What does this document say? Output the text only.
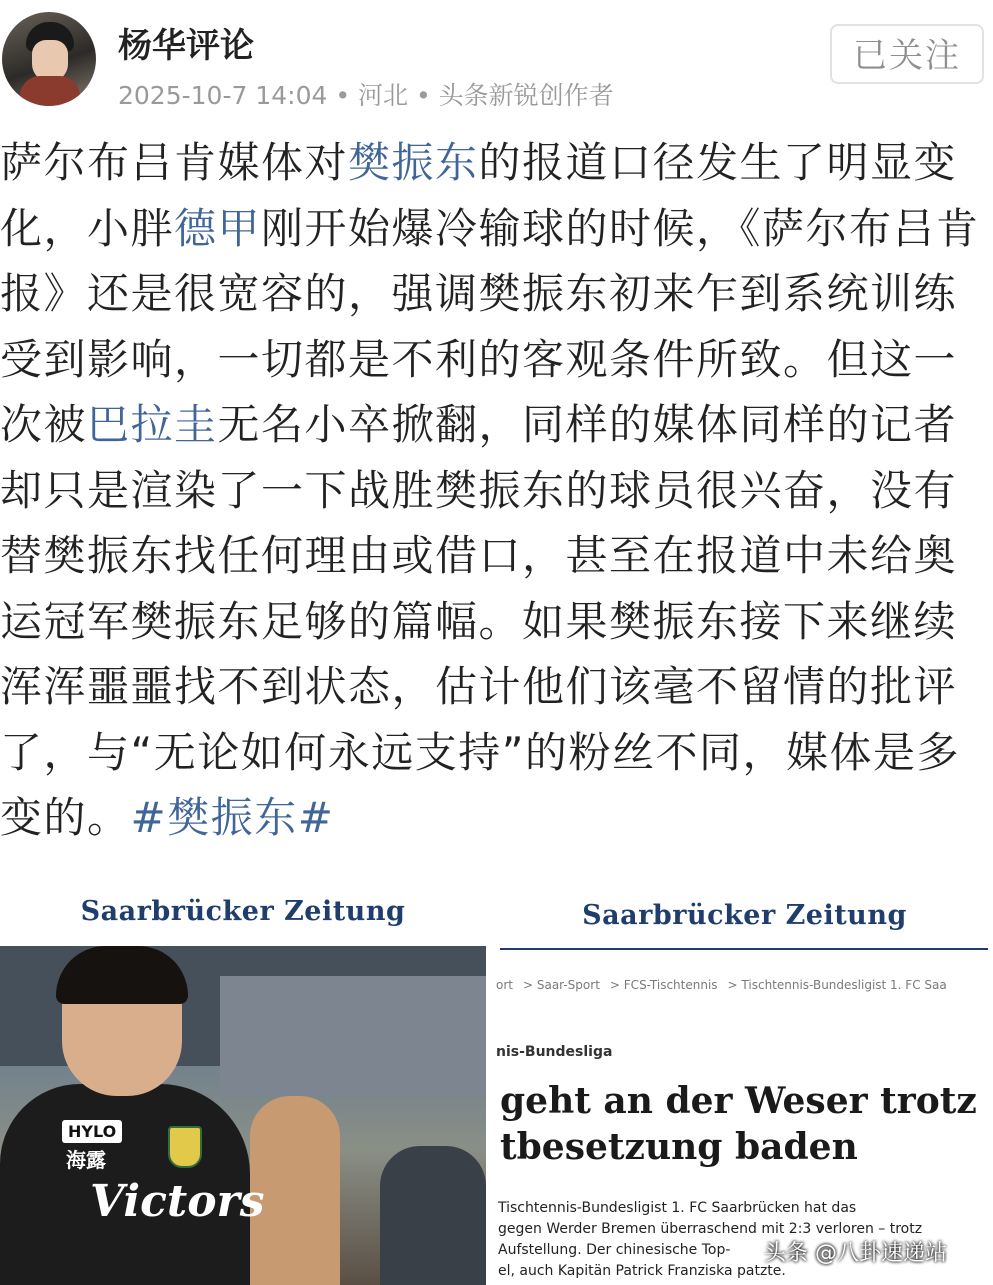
杨华评论
2025-10-7 14:04 • 河北 • 头条新锐创作者
已关注
萨尔布吕肯媒体对樊振东的报道口径发生了明显变化，小胖德甲刚开始爆冷输球的时候，《萨尔布吕肯报》还是很宽容的，强调樊振东初来乍到系统训练受到影响，一切都是不利的客观条件所致。但这一次被巴拉圭无名小卒掀翻，同样的媒体同样的记者却只是渲染了一下战胜樊振东的球员很兴奋，没有替樊振东找任何理由或借口，甚至在报道中未给奥运冠军樊振东足够的篇幅。如果樊振东接下来继续浑浑噩噩找不到状态，估计他们该毫不留情的批评了，与“无论如何永远支持”的粉丝不同，媒体是多变的。#樊振东#
Saarbrücker Zeitung
HYLO
海露
Victors
Saarbrücker Zeitung
ort > Saar-Sport > FCS-Tischtennis > Tischtennis-Bundesligist 1. FC Saa
nis-Bundesliga
geht an der Weser trotz
tbesetzung baden
Tischtennis-Bundesligist 1. FC Saarbrücken hat das
gegen Werder Bremen überraschend mit 2:3 verloren – trotz
Aufstellung. Der chinesische Top-
el, auch Kapitän Patrick Franziska patzte.
头条 @八卦速递站
